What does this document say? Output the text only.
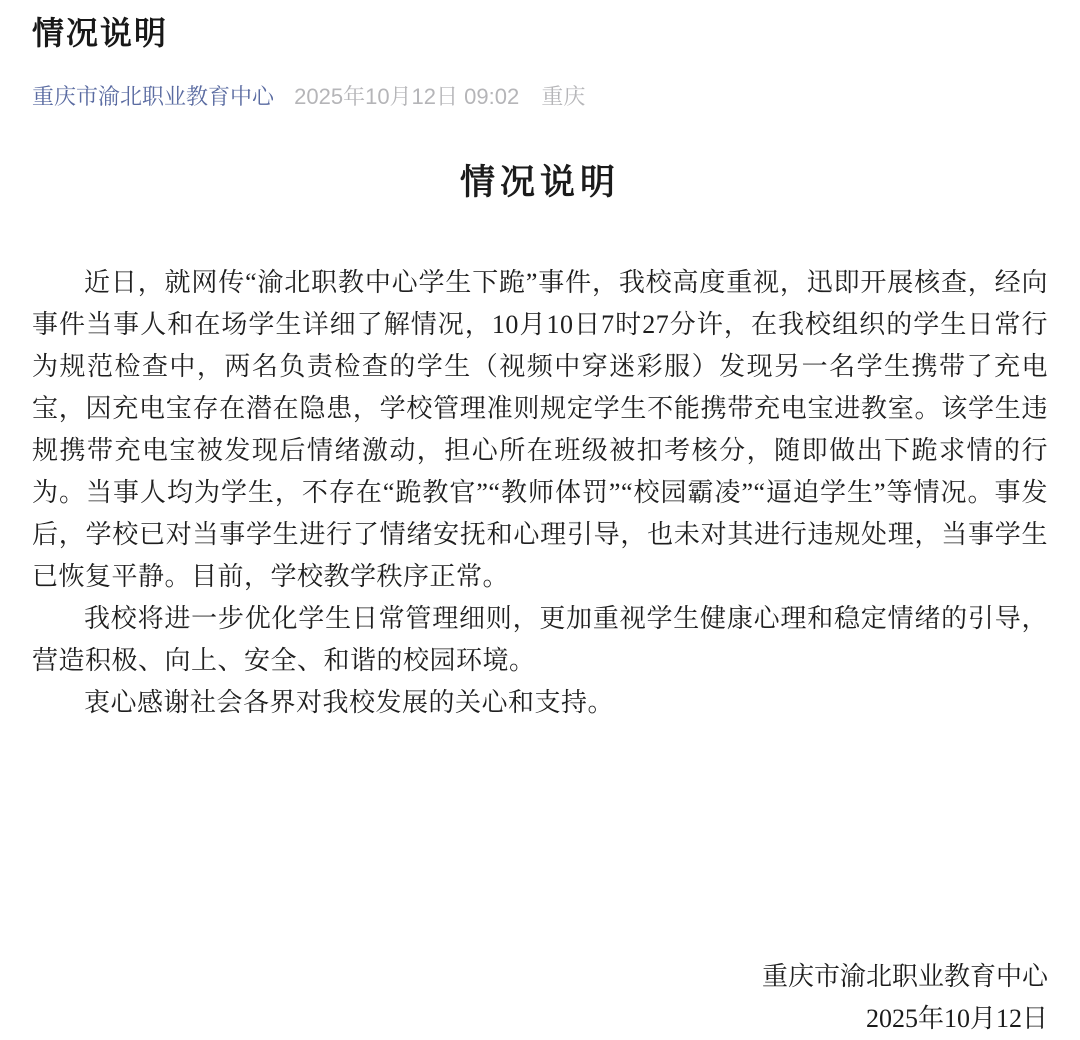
情况说明
重庆市渝北职业教育中心 2025年10月12日 09:02 重庆
情况说明

近日，就网传“渝北职教中心学生下跪”事件，我校高度重视，迅即开展核查，经向事件当事人和在场学生详细了解情况，10月10日7时27分许，在我校组织的学生日常行为规范检查中，两名负责检查的学生（视频中穿迷彩服）发现另一名学生携带了充电宝，因充电宝存在潜在隐患，学校管理准则规定学生不能携带充电宝进教室。该学生违规携带充电宝被发现后情绪激动，担心所在班级被扣考核分，随即做出下跪求情的行为。当事人均为学生，不存在“跪教官”“教师体罚”“校园霸凌”“逼迫学生”等情况。事发后，学校已对当事学生进行了情绪安抚和心理引导，也未对其进行违规处理，当事学生已恢复平静。目前，学校教学秩序正常。

我校将进一步优化学生日常管理细则，更加重视学生健康心理和稳定情绪的引导，营造积极、向上、安全、和谐的校园环境。

衷心感谢社会各界对我校发展的关心和支持。

重庆市渝北职业教育中心
2025年10月12日
